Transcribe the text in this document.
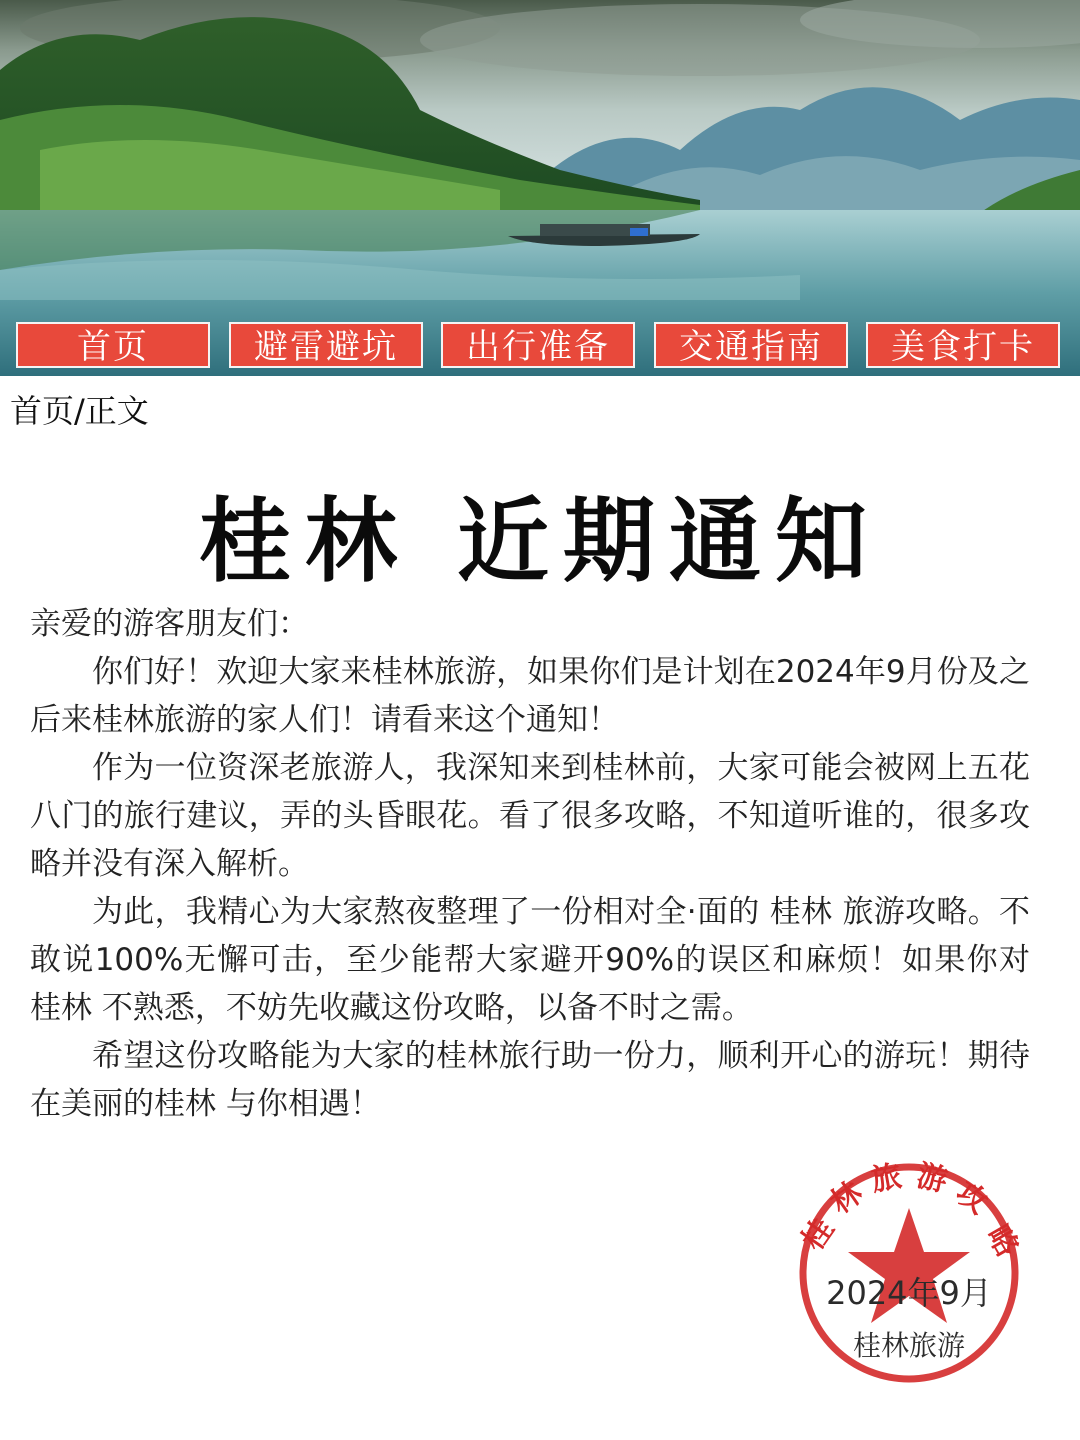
首页	避雷避坑	出行准备	交通指南	美食打卡
首页/正文
桂林 近期通知

亲爱的游客朋友们：

你们好！欢迎大家来桂林旅游，如果你们是计划在2024年9月份及之后来桂林旅游的家人们！请看来这个通知！

作为一位资深老旅游人，我深知来到桂林前，大家可能会被网上五花八门的旅行建议，弄的头昏眼花。看了很多攻略，不知道听谁的，很多攻略并没有深入解析。

为此，我精心为大家熬夜整理了一份相对全·面的 桂林 旅游攻略。不敢说100%无懈可击，至少能帮大家避开90%的误区和麻烦！如果你对 桂林 不熟悉，不妨先收藏这份攻略，以备不时之需。

希望这份攻略能为大家的桂林旅行助一份力，顺利开心的游玩！期待在美丽的桂林 与你相遇！

桂
林 旅 游
攻
略
2024年9月
桂林旅游
